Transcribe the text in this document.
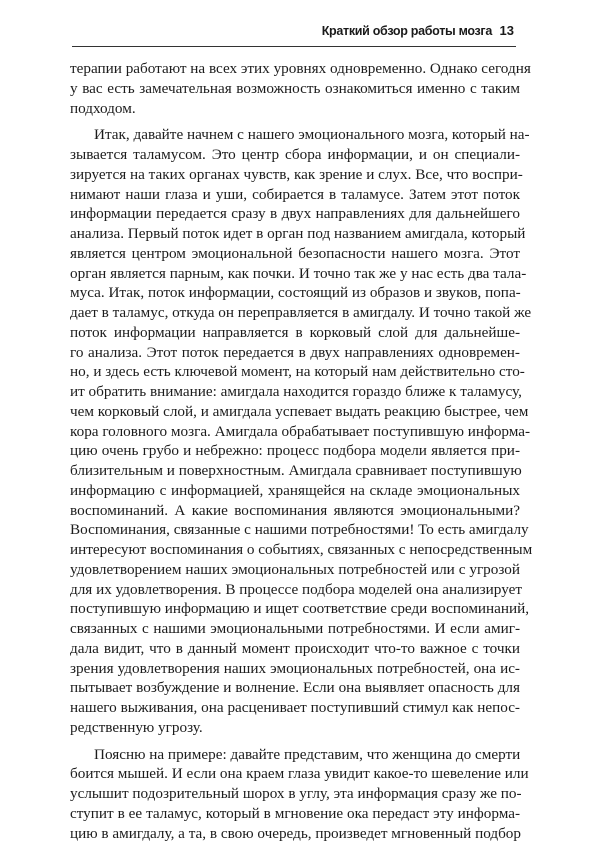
Краткий обзор работы мозга 13
терапии работают на всех этих уровнях одновременно. Однако сегодня
у вас есть замечательная возможность ознакомиться именно с таким
подходом.
Итак, давайте начнем с нашего эмоционального мозга, который на-
зывается таламусом. Это центр сбора информации, и он специали-
зируется на таких органах чувств, как зрение и слух. Все, что воспри-
нимают наши глаза и уши, собирается в таламусе. Затем этот поток
информации передается сразу в двух направлениях для дальнейшего
анализа. Первый поток идет в орган под названием амигдала, который
является центром эмоциональной безопасности нашего мозга. Этот
орган является парным, как почки. И точно так же у нас есть два тала-
муса. Итак, поток информации, состоящий из образов и звуков, попа-
дает в таламус, откуда он переправляется в амигдалу. И точно такой же
поток информации направляется в корковый слой для дальнейше-
го анализа. Этот поток передается в двух направлениях одновремен-
но, и здесь есть ключевой момент, на который нам действительно сто-
ит обратить внимание: амигдала находится гораздо ближе к таламусу,
чем корковый слой, и амигдала успевает выдать реакцию быстрее, чем
кора головного мозга. Амигдала обрабатывает поступившую информа-
цию очень грубо и небрежно: процесс подбора модели является при-
близительным и поверхностным. Амигдала сравнивает поступившую
информацию с информацией, хранящейся на складе эмоциональных
воспоминаний. А какие воспоминания являются эмоциональными?
Воспоминания, связанные с нашими потребностями! То есть амигдалу
интересуют воспоминания о событиях, связанных с непосредственным
удовлетворением наших эмоциональных потребностей или с угрозой
для их удовлетворения. В процессе подбора моделей она анализирует
поступившую информацию и ищет соответствие среди воспоминаний,
связанных с нашими эмоциональными потребностями. И если амиг-
дала видит, что в данный момент происходит что-то важное с точки
зрения удовлетворения наших эмоциональных потребностей, она ис-
пытывает возбуждение и волнение. Если она выявляет опасность для
нашего выживания, она расценивает поступивший стимул как непос-
редственную угрозу.
Поясню на примере: давайте представим, что женщина до смерти
боится мышей. И если она краем глаза увидит какое-то шевеление или
услышит подозрительный шорох в углу, эта информация сразу же по-
ступит в ее таламус, который в мгновение ока передаст эту информа-
цию в амигдалу, а та, в свою очередь, произведет мгновенный подбор
